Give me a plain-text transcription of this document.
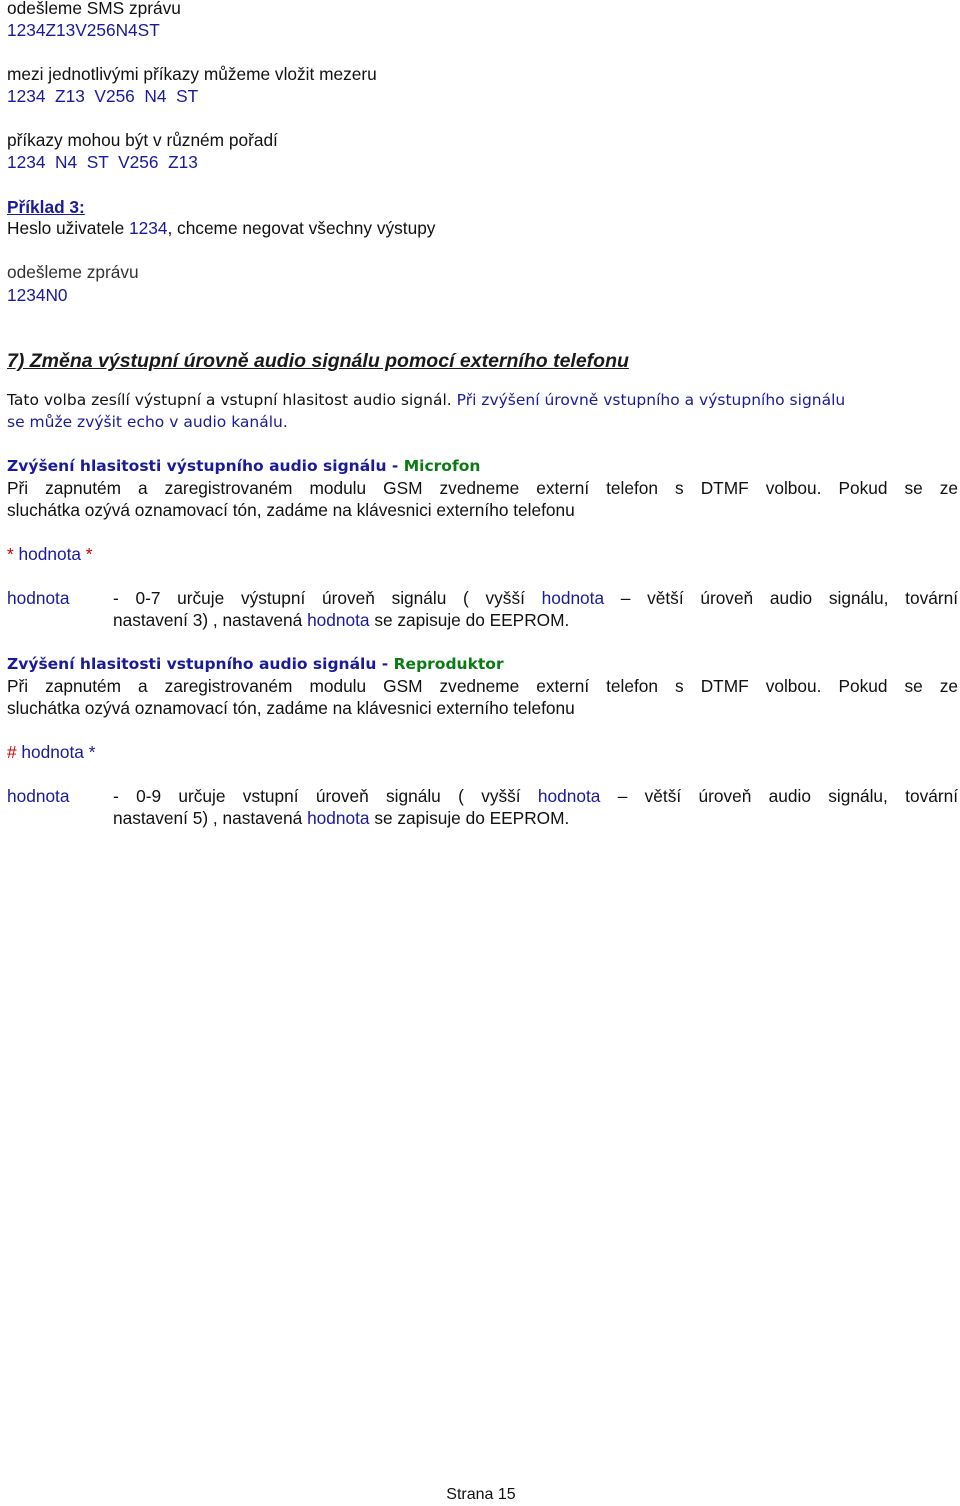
odešleme SMS zprávu
1234Z13V256N4ST
mezi jednotlivými příkazy můžeme vložit mezeru
1234  Z13  V256  N4  ST
příkazy mohou být v různém pořadí
1234  N4  ST  V256  Z13
Příklad 3:
Heslo uživatele 1234, chceme negovat všechny výstupy
odešleme zprávu
1234N0
7) Změna výstupní úrovně audio signálu pomocí externího telefonu
Tato volba zesílí výstupní a vstupní hlasitost audio signál. Při zvýšení úrovně vstupního a výstupního signálu
se může zvýšit echo v audio kanálu.
Zvýšení hlasitosti výstupního audio signálu - Microfon
Při zapnutém a zaregistrovaném modulu GSM zvedneme externí telefon s DTMF volbou. Pokud se ze
sluchátka ozývá oznamovací tón, zadáme na klávesnici externího telefonu
* hodnota *
hodnota	- 0-7 určuje výstupní úroveň signálu ( vyšší hodnota – větší úroveň audio signálu, tovární
nastavení 3) , nastavená hodnota se zapisuje do EEPROM.
Zvýšení hlasitosti vstupního audio signálu - Reproduktor
Při zapnutém a zaregistrovaném modulu GSM zvedneme externí telefon s DTMF volbou. Pokud se ze
sluchátka ozývá oznamovací tón, zadáme na klávesnici externího telefonu
# hodnota *
hodnota	- 0-9 určuje vstupní úroveň signálu ( vyšší hodnota – větší úroveň audio signálu, tovární
nastavení 5) , nastavená hodnota se zapisuje do EEPROM.
Strana 15
